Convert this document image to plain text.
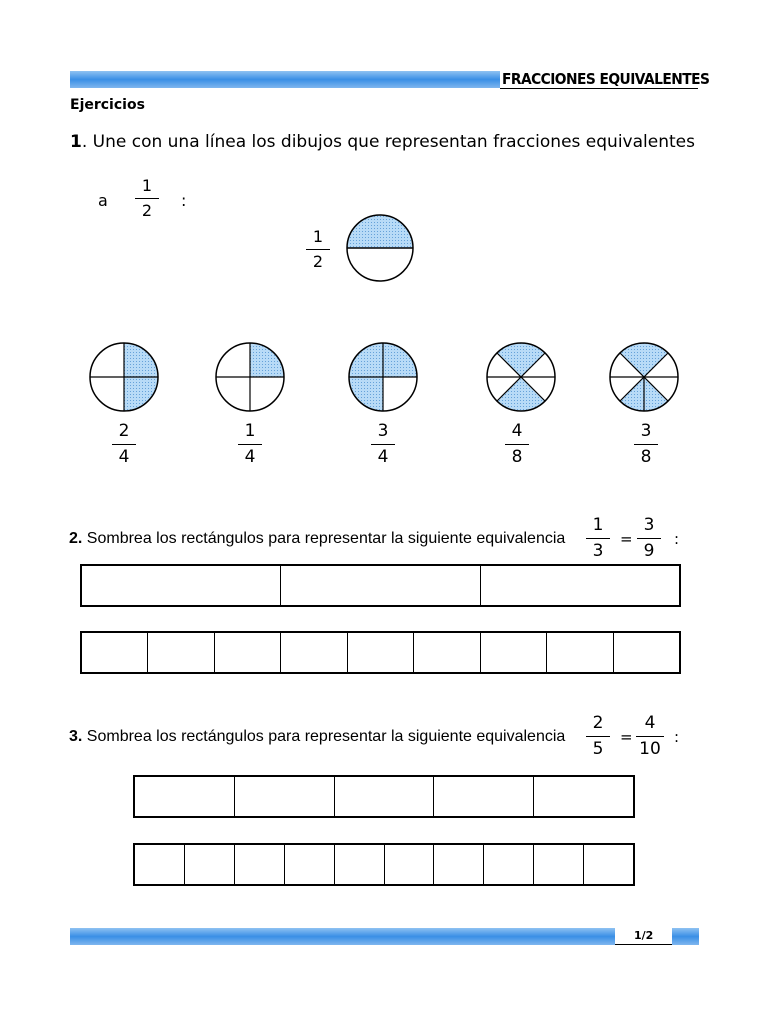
FRACCIONES EQUIVALENTES
Ejercicios
1. Une con una línea los dibujos que representan fracciones equivalentes
a
1
2
:
1
2
2
4
1
4
3
4
4
8
3
8
2. Sombrea los rectángulos para representar la siguiente equivalencia
1
3
=
3
9
:
3. Sombrea los rectángulos para representar la siguiente equivalencia
2
5
=
4
10
:
1/2
